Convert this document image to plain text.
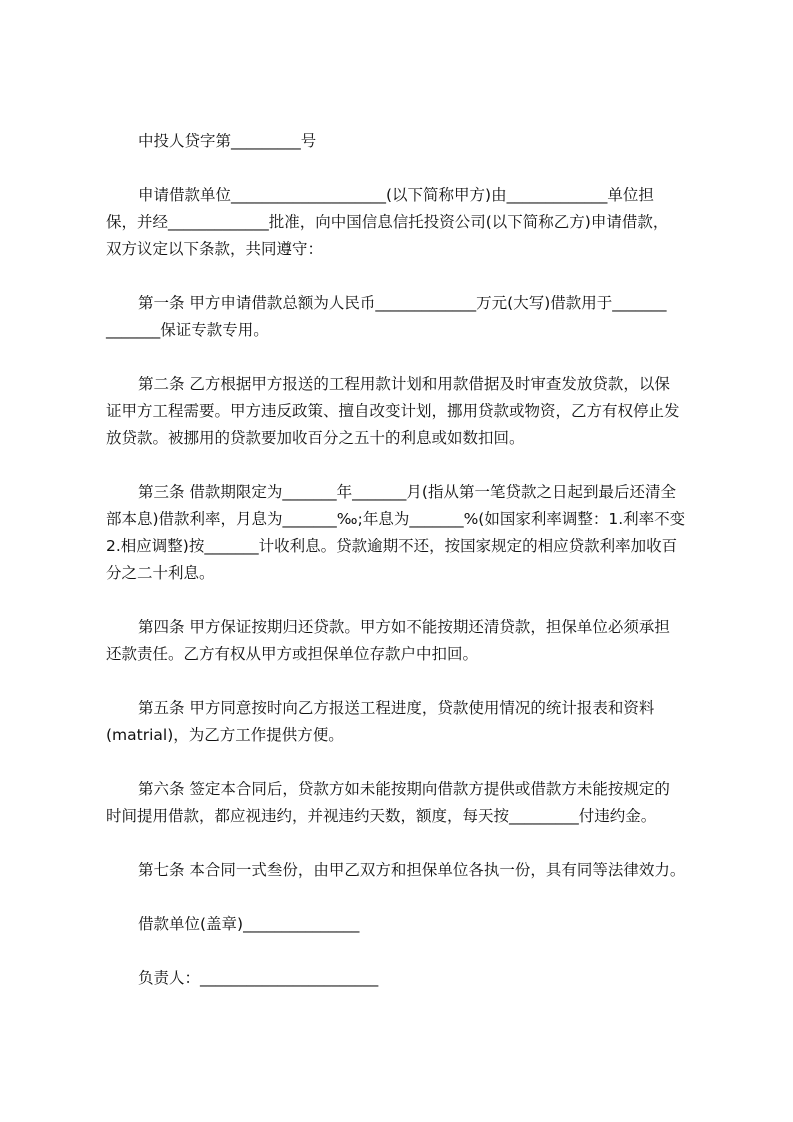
中投人贷字第_________号
申请借款单位____________________(以下简称甲方)由_____________单位担
保，并经_____________批准，向中国信息信托投资公司(以下简称乙方)申请借款，
双方议定以下条款，共同遵守：
第一条 甲方申请借款总额为人民币_____________万元(大写)借款用于_______
_______保证专款专用。
第二条 乙方根据甲方报送的工程用款计划和用款借据及时审查发放贷款，以保
证甲方工程需要。甲方违反政策、擅自改变计划，挪用贷款或物资，乙方有权停止发
放贷款。被挪用的贷款要加收百分之五十的利息或如数扣回。
第三条 借款期限定为_______年_______月(指从第一笔贷款之日起到最后还清全
部本息)借款利率，月息为_______‰;年息为_______%(如国家利率调整：1.利率不变
2.相应调整)按_______计收利息。贷款逾期不还，按国家规定的相应贷款利率加收百
分之二十利息。
第四条 甲方保证按期归还贷款。甲方如不能按期还清贷款，担保单位必须承担
还款责任。乙方有权从甲方或担保单位存款户中扣回。
第五条 甲方同意按时向乙方报送工程进度，贷款使用情况的统计报表和资料
(matrial)，为乙方工作提供方便。
第六条 签定本合同后，贷款方如未能按期向借款方提供或借款方未能按规定的
时间提用借款，都应视违约，并视违约天数，额度，每天按_________付违约金。
第七条 本合同一式叁份，由甲乙双方和担保单位各执一份，具有同等法律效力。
借款单位(盖章)_______________
负责人：_______________________
